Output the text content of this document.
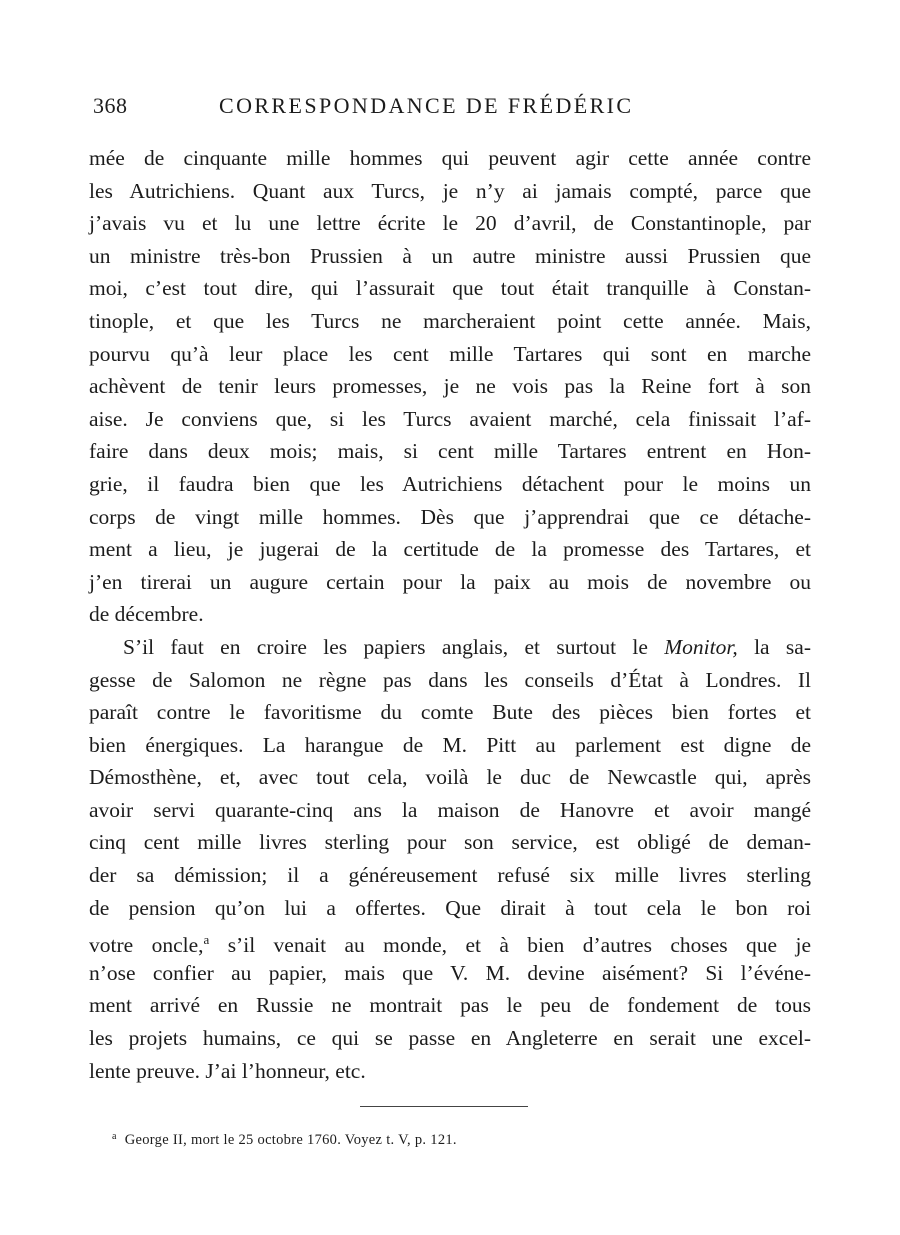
368	CORRESPONDANCE DE FRÉDÉRIC
mée de cinquante mille hommes qui peuvent agir cette année contre
les Autrichiens. Quant aux Turcs, je n’y ai jamais compté, parce que
j’avais vu et lu une lettre écrite le 20 d’avril, de Constantinople, par
un ministre très-bon Prussien à un autre ministre aussi Prussien que
moi, c’est tout dire, qui l’assurait que tout était tranquille à Constan-
tinople, et que les Turcs ne marcheraient point cette année. Mais,
pourvu qu’à leur place les cent mille Tartares qui sont en marche
achèvent de tenir leurs promesses, je ne vois pas la Reine fort à son
aise. Je conviens que, si les Turcs avaient marché, cela finissait l’af-
faire dans deux mois; mais, si cent mille Tartares entrent en Hon-
grie, il faudra bien que les Autrichiens détachent pour le moins un
corps de vingt mille hommes. Dès que j’apprendrai que ce détache-
ment a lieu, je jugerai de la certitude de la promesse des Tartares, et
j’en tirerai un augure certain pour la paix au mois de novembre ou
de décembre.
S’il faut en croire les papiers anglais, et surtout le Monitor, la sa-
gesse de Salomon ne règne pas dans les conseils d’État à Londres. Il
paraît contre le favoritisme du comte Bute des pièces bien fortes et
bien énergiques. La harangue de M. Pitt au parlement est digne de
Démosthène, et, avec tout cela, voilà le duc de Newcastle qui, après
avoir servi quarante-cinq ans la maison de Hanovre et avoir mangé
cinq cent mille livres sterling pour son service, est obligé de deman-
der sa démission; il a généreusement refusé six mille livres sterling
de pension qu’on lui a offertes. Que dirait à tout cela le bon roi
votre oncle,$^a$ s’il venait au monde, et à bien d’autres choses que je
n’ose confier au papier, mais que V. M. devine aisément? Si l’événe-
ment arrivé en Russie ne montrait pas le peu de fondement de tous
les projets humains, ce qui se passe en Angleterre en serait une excel-
lente preuve. J’ai l’honneur, etc.
$^a$ George II, mort le 25 octobre 1760. Voyez t. V, p. 121.
